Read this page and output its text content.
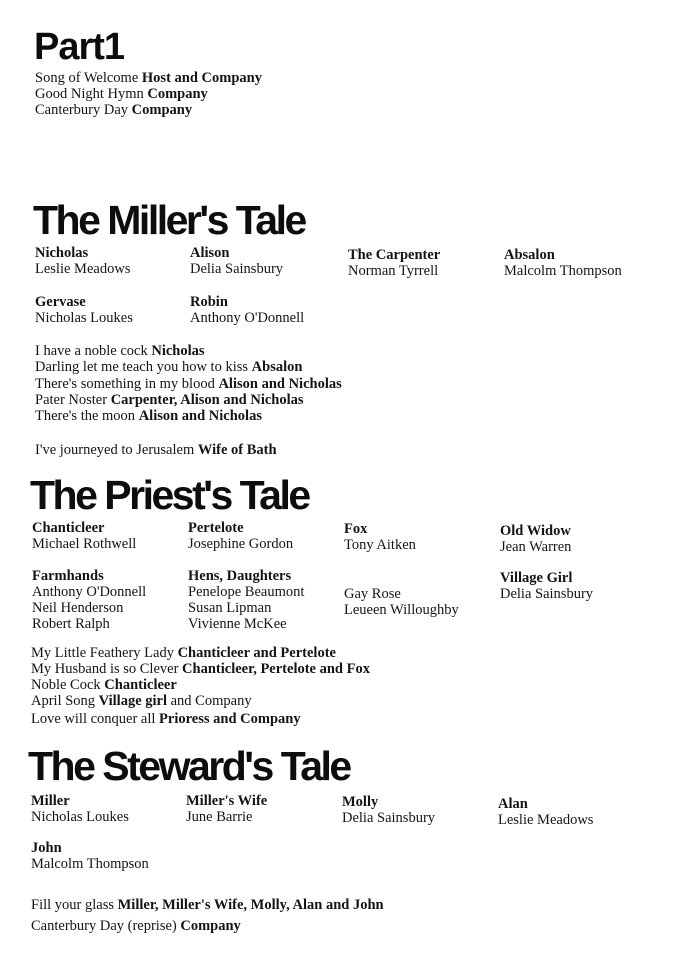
Part1
Song of Welcome Host and Company
Good Night Hymn Company
Canterbury Day Company
The Miller's Tale
Nicholas
Leslie Meadows
Alison
Delia Sainsbury
The Carpenter
Norman Tyrrell
Absalon
Malcolm Thompson
Gervase
Nicholas Loukes
Robin
Anthony O'Donnell
I have a noble cock Nicholas
Darling let me teach you how to kiss Absalon
There's something in my blood Alison and Nicholas
Pater Noster Carpenter, Alison and Nicholas
There's the moon Alison and Nicholas
I've journeyed to Jerusalem Wife of Bath
The Priest's Tale
Chanticleer
Michael Rothwell
Pertelote
Josephine Gordon
Fox
Tony Aitken
Old Widow
Jean Warren
Farmhands
Anthony O'Donnell
Neil Henderson
Robert Ralph
Hens, Daughters
Penelope Beaumont
Susan Lipman
Vivienne McKee
Gay Rose
Leueen Willoughby
Village Girl
Delia Sainsbury
My Little Feathery Lady Chanticleer and Pertelote
My Husband is so Clever Chanticleer, Pertelote and Fox
Noble Cock Chanticleer
April Song Village girl and Company
Love will conquer all Prioress and Company
The Steward's Tale
Miller
Nicholas Loukes
Miller's Wife
June Barrie
Molly
Delia Sainsbury
Alan
Leslie Meadows
John
Malcolm Thompson
Fill your glass Miller, Miller's Wife, Molly, Alan and John
Canterbury Day (reprise) Company
